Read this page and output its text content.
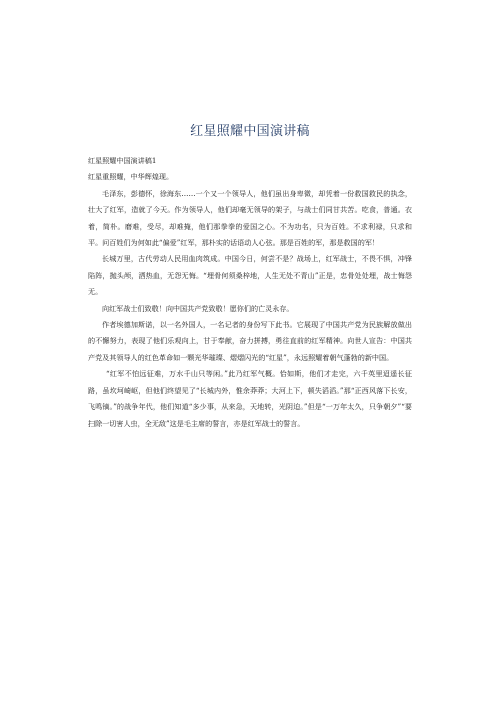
红星照耀中国演讲稿

红星照耀中国演讲稿1

红星重照耀，中华辉煌现。

毛泽东，彭德怀，徐海东……一个又一个领导人，他们虽出身卑微，却凭着一份救国救民的执念，壮大了红军，造就了今天。作为领导人，他们却毫无领导的架子，与战士们同甘共苦。吃食，普通。衣着，简朴。磨难，受尽，却难掩，他们那拳拳的爱国之心。不为功名，只为百姓。不求利禄，只求和平。问百姓们为何如此“偏爱”红军，那朴实的话语动人心弦。那是百姓的军，那是救国的军！

长城万里，古代劳动人民用血肉筑成。中国今日，何尝不是？战场上，红军战士，不畏不惧，冲锋陷阵，抛头颅，洒热血，无怨无悔。“埋骨何须桑梓地，人生无处不青山”正是，忠骨处处埋，战士悔怨无。

向红军战士们致敬！向中国共产党致敬！愿你们的亡灵永存。

作者埃德加斯诺，以一名外国人，一名记者的身份写下此书。它展现了中国共产党为民族解放做出的不懈努力，表现了他们乐观向上，甘于奉献，奋力拼搏，勇往直前的红军精神。向世人宣告：中国共产党及其领导人的红色革命如一颗光华璀璨、熠熠闪光的“红星”，永远照耀着朝气蓬勃的新中国。

“红军不怕远征难，万水千山只等闲。”此乃红军气概。恰如斯，他们才走完，六千英里迢遥长征路，虽坎坷崎岖，但他们终望见了“长城内外，惟余莽莽；大河上下，顿失滔滔。”那“正西风落下长安，飞鸣镝。”的战争年代，他们知道“多少事，从来急，天地转，光阴迫。”但是“一万年太久，只争朝夕”“要扫除一切害人虫，全无敌”这是毛主席的誓言，亦是红军战士的誓言。
